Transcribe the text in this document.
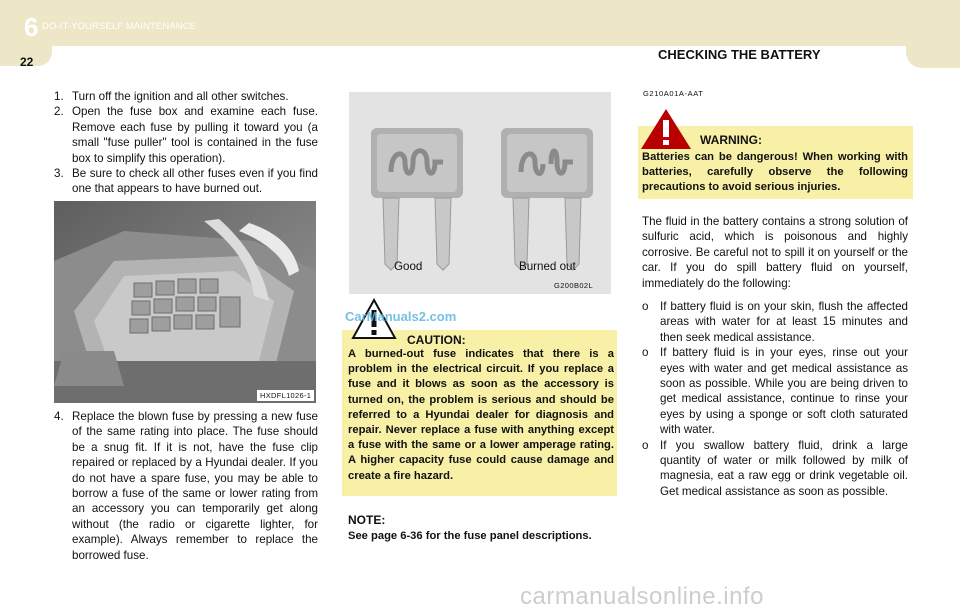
6 DO-IT-YOURSELF MAINTENANCE
22	CHECKING THE BATTERY
1. Turn off the ignition and all other switches.
2. Open the fuse box and examine each fuse. Remove each fuse by pulling it toward you (a small "fuse puller" tool is contained in the fuse box to simplify this operation).
3. Be sure to check all other fuses even if you find one that appears to have burned out.
HXDFL1026-1
4. Replace the blown fuse by pressing a new fuse of the same rating into place. The fuse should be a snug fit. If it is not, have the fuse clip repaired or replaced by a Hyundai dealer. If you do not have a spare fuse, you may be able to borrow a fuse of the same or lower rating from an accessory you can temporarily get along without (the radio or cigarette lighter, for example). Always remember to replace the borrowed fuse.
Good	Burned out
G200B02L
CarManuals2.com
CAUTION:
A burned-out fuse indicates that there is a problem in the electrical circuit. If you replace a fuse and it blows as soon as the accessory is turned on, the problem is serious and should be referred to a Hyundai dealer for diagnosis and repair. Never replace a fuse with anything except a fuse with the same or a lower amperage rating. A higher capacity fuse could cause damage and create a fire hazard.
NOTE:
See page 6-36 for the fuse panel descriptions.
G210A01A-AAT
WARNING:
Batteries can be dangerous! When working with batteries, carefully observe the following precautions to avoid serious injuries.
The fluid in the battery contains a strong solution of sulfuric acid, which is poisonous and highly corrosive. Be careful not to spill it on yourself or the car. If you do spill battery fluid on yourself, immediately do the following:
o If battery fluid is on your skin, flush the affected areas with water for at least 15 minutes and then seek medical assistance.
o If battery fluid is in your eyes, rinse out your eyes with water and get medical assistance as soon as possible. While you are being driven to get medical assistance, continue to rinse your eyes by using a sponge or soft cloth saturated with water.
o If you swallow battery fluid, drink a large quantity of water or milk followed by milk of magnesia, eat a raw egg or drink vegetable oil. Get medical assistance as soon as possible.
carmanualsonline.info
